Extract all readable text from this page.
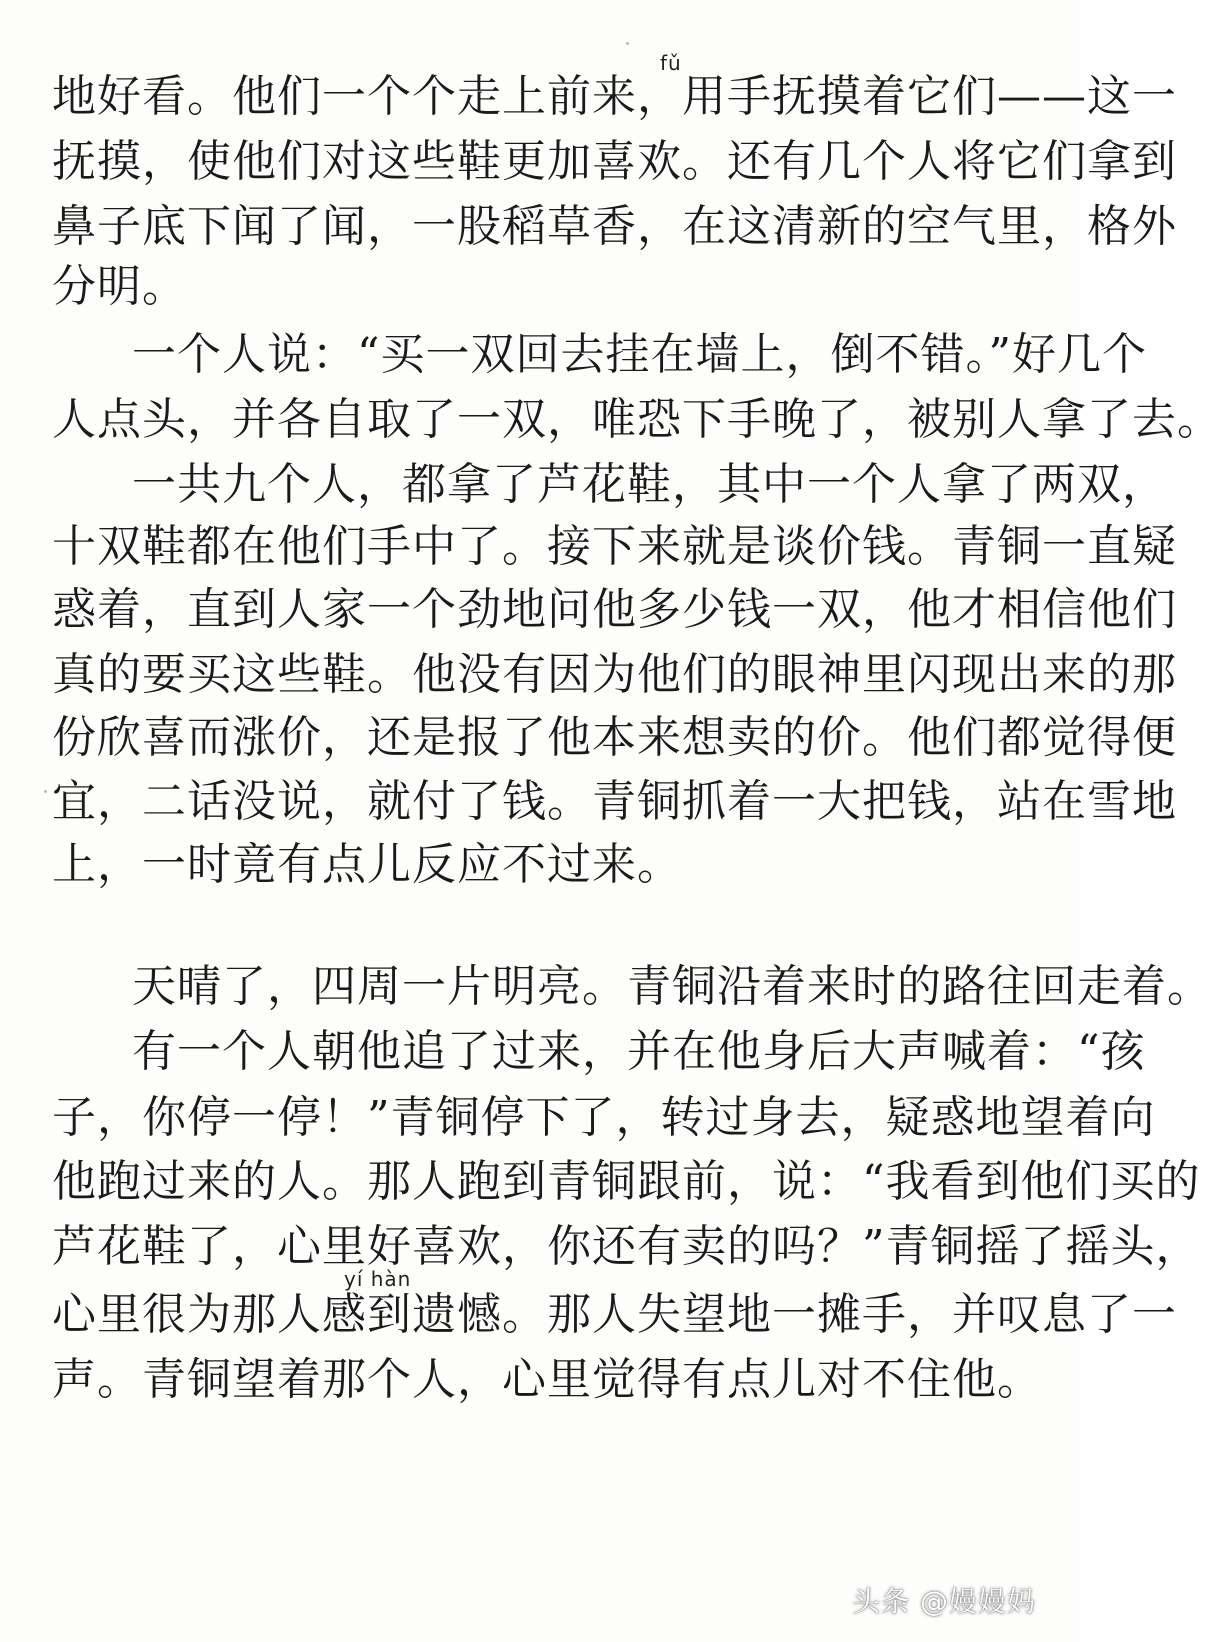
fǔ
地好看。他们一个个走上前来，用手抚摸着它们——这一
抚摸，使他们对这些鞋更加喜欢。还有几个人将它们拿到
鼻子底下闻了闻，一股稻草香，在这清新的空气里，格外
分明。
一个人说：“买一双回去挂在墙上，倒不错。”好几个
人点头，并各自取了一双，唯恐下手晚了，被别人拿了去。
一共九个人，都拿了芦花鞋，其中一个人拿了两双，
十双鞋都在他们手中了。接下来就是谈价钱。青铜一直疑
惑着，直到人家一个劲地问他多少钱一双，他才相信他们
真的要买这些鞋。他没有因为他们的眼神里闪现出来的那
份欣喜而涨价，还是报了他本来想卖的价。他们都觉得便
宜，二话没说，就付了钱。青铜抓着一大把钱，站在雪地
上，一时竟有点儿反应不过来。
天晴了，四周一片明亮。青铜沿着来时的路往回走着。
有一个人朝他追了过来，并在他身后大声喊着：“孩
子，你停一停！”青铜停下了，转过身去，疑惑地望着向
他跑过来的人。那人跑到青铜跟前，说：“我看到他们买的
芦花鞋了，心里好喜欢，你还有卖的吗？”青铜摇了摇头，
yí hàn
心里很为那人感到遗憾。那人失望地一摊手，并叹息了一
声。青铜望着那个人，心里觉得有点儿对不住他。
头条 @嫚嫚妈
